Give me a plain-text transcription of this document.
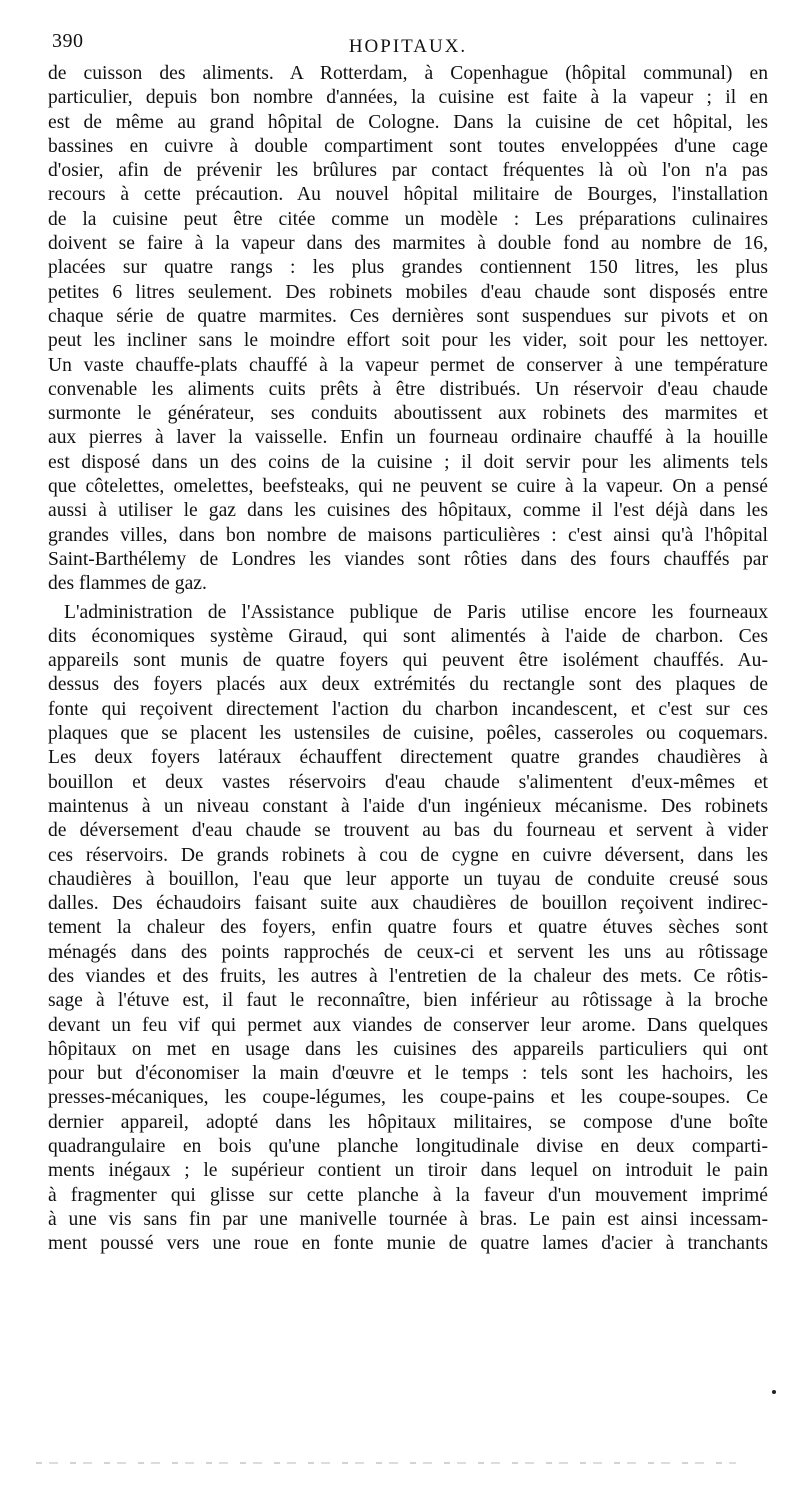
390	HOPITAUX.
de cuisson des aliments. A Rotterdam, à Copenhague (hôpital communal) en
particulier, depuis bon nombre d'années, la cuisine est faite à la vapeur ; il en
est de même au grand hôpital de Cologne. Dans la cuisine de cet hôpital, les
bassines en cuivre à double compartiment sont toutes enveloppées d'une cage
d'osier, afin de prévenir les brûlures par contact fréquentes là où l'on n'a pas
recours à cette précaution. Au nouvel hôpital militaire de Bourges, l'installation
de la cuisine peut être citée comme un modèle : Les préparations culinaires
doivent se faire à la vapeur dans des marmites à double fond au nombre de 16,
placées sur quatre rangs : les plus grandes contiennent 150 litres, les plus
petites 6 litres seulement. Des robinets mobiles d'eau chaude sont disposés entre
chaque série de quatre marmites. Ces dernières sont suspendues sur pivots et on
peut les incliner sans le moindre effort soit pour les vider, soit pour les nettoyer.
Un vaste chauffe-plats chauffé à la vapeur permet de conserver à une température
convenable les aliments cuits prêts à être distribués. Un réservoir d'eau chaude
surmonte le générateur, ses conduits aboutissent aux robinets des marmites et
aux pierres à laver la vaisselle. Enfin un fourneau ordinaire chauffé à la houille
est disposé dans un des coins de la cuisine ; il doit servir pour les aliments tels
que côtelettes, omelettes, beefsteaks, qui ne peuvent se cuire à la vapeur. On a pensé
aussi à utiliser le gaz dans les cuisines des hôpitaux, comme il l'est déjà dans les
grandes villes, dans bon nombre de maisons particulières : c'est ainsi qu'à l'hôpital
Saint-Barthélemy de Londres les viandes sont rôties dans des fours chauffés par
des flammes de gaz.
L'administration de l'Assistance publique de Paris utilise encore les fourneaux
dits économiques système Giraud, qui sont alimentés à l'aide de charbon. Ces
appareils sont munis de quatre foyers qui peuvent être isolément chauffés. Au-
dessus des foyers placés aux deux extrémités du rectangle sont des plaques de
fonte qui reçoivent directement l'action du charbon incandescent, et c'est sur ces
plaques que se placent les ustensiles de cuisine, poêles, casseroles ou coquemars.
Les deux foyers latéraux échauffent directement quatre grandes chaudières à
bouillon et deux vastes réservoirs d'eau chaude s'alimentent d'eux-mêmes et
maintenus à un niveau constant à l'aide d'un ingénieux mécanisme. Des robinets
de déversement d'eau chaude se trouvent au bas du fourneau et servent à vider
ces réservoirs. De grands robinets à cou de cygne en cuivre déversent, dans les
chaudières à bouillon, l'eau que leur apporte un tuyau de conduite creusé sous
dalles. Des échaudoirs faisant suite aux chaudières de bouillon reçoivent indirec-
tement la chaleur des foyers, enfin quatre fours et quatre étuves sèches sont
ménagés dans des points rapprochés de ceux-ci et servent les uns au rôtissage
des viandes et des fruits, les autres à l'entretien de la chaleur des mets. Ce rôtis-
sage à l'étuve est, il faut le reconnaître, bien inférieur au rôtissage à la broche
devant un feu vif qui permet aux viandes de conserver leur arome. Dans quelques
hôpitaux on met en usage dans les cuisines des appareils particuliers qui ont
pour but d'économiser la main d'œuvre et le temps : tels sont les hachoirs, les
presses-mécaniques, les coupe-légumes, les coupe-pains et les coupe-soupes. Ce
dernier appareil, adopté dans les hôpitaux militaires, se compose d'une boîte
quadrangulaire en bois qu'une planche longitudinale divise en deux comparti-
ments inégaux ; le supérieur contient un tiroir dans lequel on introduit le pain
à fragmenter qui glisse sur cette planche à la faveur d'un mouvement imprimé
à une vis sans fin par une manivelle tournée à bras. Le pain est ainsi incessam-
ment poussé vers une roue en fonte munie de quatre lames d'acier à tranchants
